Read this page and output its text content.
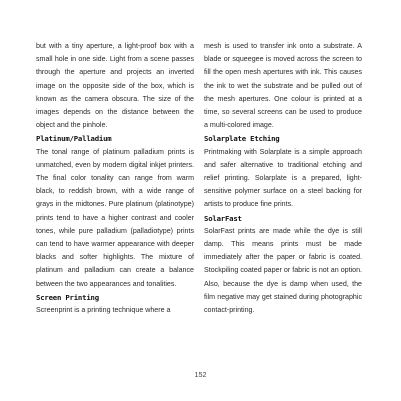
but with a tiny aperture, a light-proof box with a small hole in one side. Light from a scene passes through the aperture and projects an inverted image on the opposite side of the box, which is known as the camera obscura. The size of the images depends on the distance between the object and the pinhole.

Platinum/Palladium

The tonal range of platinum palladium prints is unmatched, even by modern digital inkjet printers. The final color tonality can range from warm black, to reddish brown, with a wide range of grays in the midtones. Pure platinum (platinotype) prints tend to have a higher contrast and cooler tones, while pure palladium (palladiotype) prints can tend to have warmer appearance with deeper blacks and softer highlights. The mixture of platinum and palladium can create a balance between the two appearances and tonalities.

Screen Printing

Screenprint is a printing technique where a

mesh is used to transfer ink onto a substrate. A blade or squeegee is moved across the screen to fill the open mesh apertures with ink. This causes the ink to wet the substrate and be pulled out of the mesh apertures. One colour is printed at a time, so several screens can be used to produce a multi-colored image.

Solarplate Etching

Printmaking with Solarplate is a simple approach and safer alternative to traditional etching and relief printing. Solarplate is a prepared, light-sensitive polymer surface on a steel backing for artists to produce fine prints.

SolarFast

SolarFast prints are made while the dye is still damp. This means prints must be made immediately after the paper or fabric is coated. Stockpiling coated paper or fabric is not an option. Also, because the dye is damp when used, the film negative may get stained during photographic contact-printing.

152
